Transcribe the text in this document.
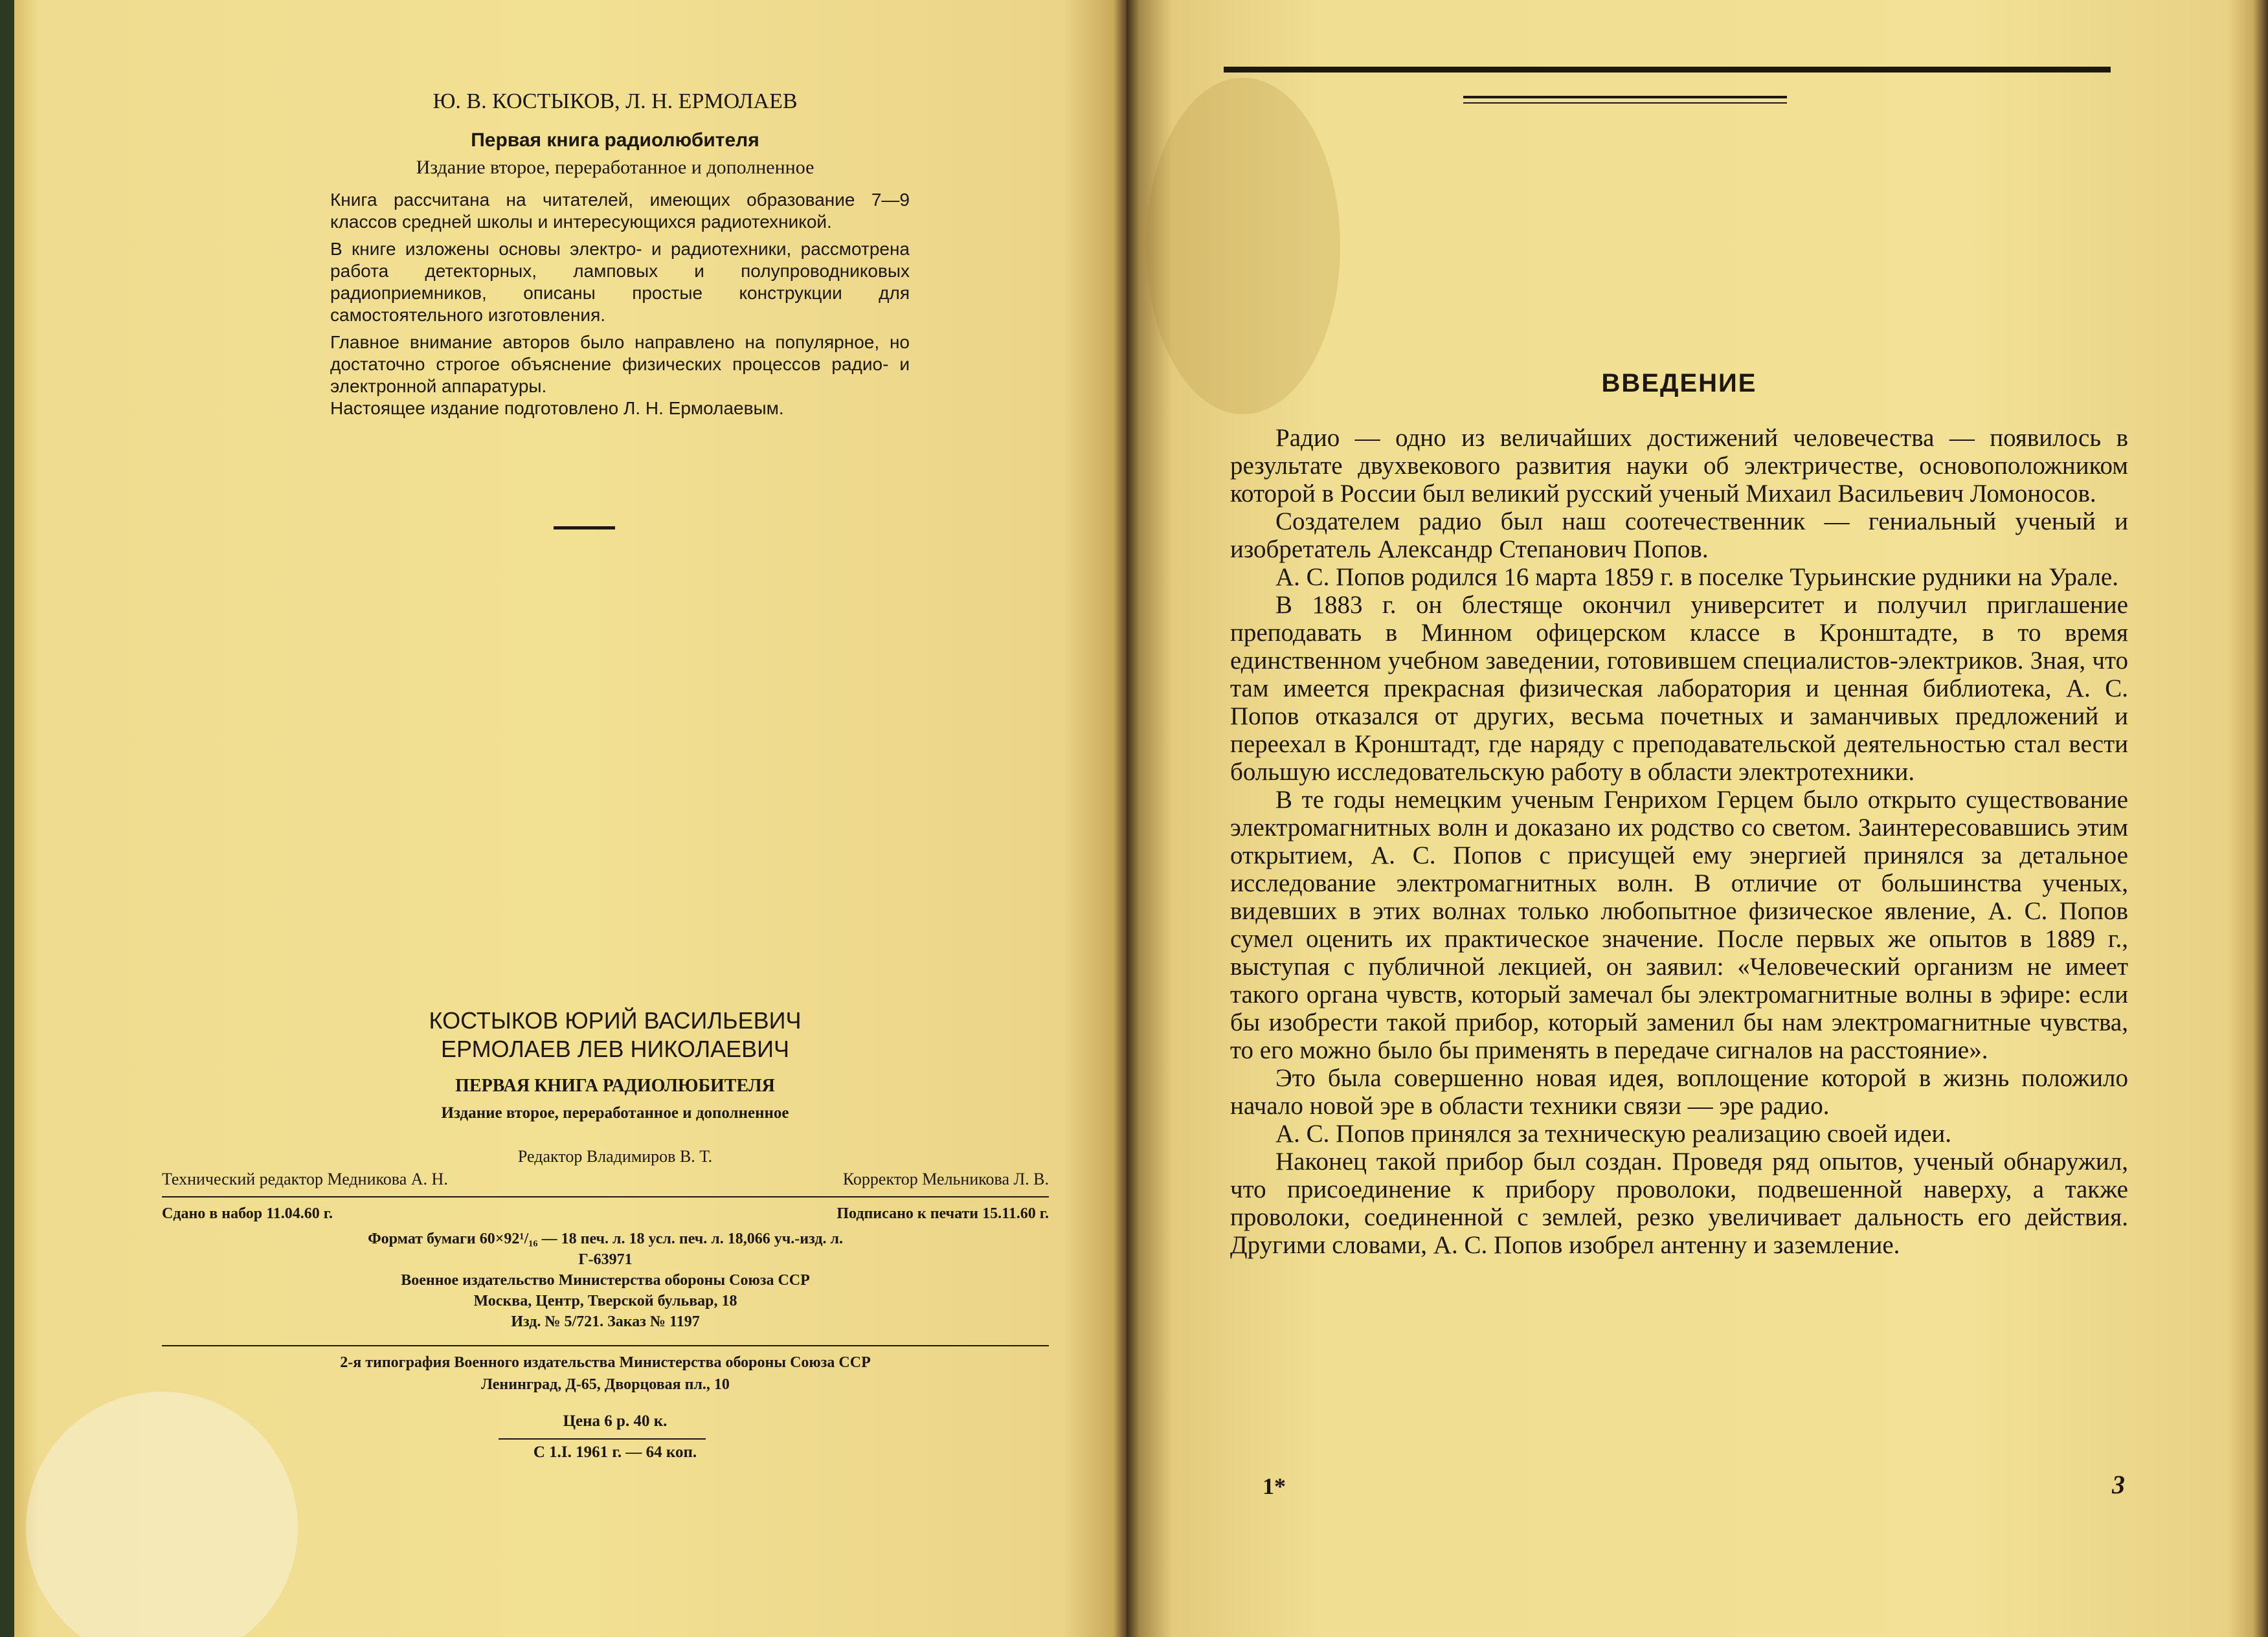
Ю. В. КОСТЫКОВ, Л. Н. ЕРМОЛАЕВ
Первая книга радиолюбителя
Издание второе, переработанное и дополненное

Книга рассчитана на читателей, имеющих образование 7—9 классов средней школы и интересующихся радиотехникой.

В книге изложены основы электро- и радиотехники, рассмотрена работа детекторных, ламповых и полупроводниковых радиоприемников, описаны простые конструкции для самостоятельного изготовления.

Главное внимание авторов было направлено на популярное, но достаточно строгое объяснение физических процессов радио- и электронной аппаратуры.

Настоящее издание подготовлено Л. Н. Ермолаевым.

КОСТЫКОВ ЮРИЙ ВАСИЛЬЕВИЧ
ЕРМОЛАЕВ ЛЕВ НИКОЛАЕВИЧ
ПЕРВАЯ КНИГА РАДИОЛЮБИТЕЛЯ
Издание второе, переработанное и дополненное
Редактор Владимиров В. Т.
Технический редактор Медникова А. Н.	Корректор Мельникова Л. В.
Сдано в набор 11.04.60 г.	Подписано к печати 15.11.60 г.
Формат бумаги 60×92¹/₁₆ — 18 печ. л. 18 усл. печ. л. 18,066 уч.-изд. л.
Г-63971
Военное издательство Министерства обороны Союза ССР
Москва, Центр, Тверской бульвар, 18
Изд. № 5/721. Заказ № 1197
2-я типография Военного издательства Министерства обороны Союза ССР
Ленинград, Д-65, Дворцовая пл., 10
Цена 6 р. 40 к.
С 1.I. 1961 г. — 64 коп.
ВВЕДЕНИЕ

Радио — одно из величайших достижений человечества — появилось в результате двухвекового развития науки об электричестве, основоположником которой в России был великий русский ученый Михаил Васильевич Ломоносов.

Создателем радио был наш соотечественник — гениальный ученый и изобретатель Александр Степанович Попов.

А. С. Попов родился 16 марта 1859 г. в поселке Турьинские рудники на Урале.

В 1883 г. он блестяще окончил университет и получил приглашение преподавать в Минном офицерском классе в Кронштадте, в то время единственном учебном заведении, готовившем специалистов-электриков. Зная, что там имеется прекрасная физическая лаборатория и ценная библиотека, А. С. Попов отказался от других, весьма почетных и заманчивых предложений и переехал в Кронштадт, где наряду с преподавательской деятельностью стал вести большую исследовательскую работу в области электротехники.

В те годы немецким ученым Генрихом Герцем было открыто существование электромагнитных волн и доказано их родство со светом. Заинтересовавшись этим открытием, А. С. Попов с присущей ему энергией принялся за детальное исследование электромагнитных волн. В отличие от большинства ученых, видевших в этих волнах только любопытное физическое явление, А. С. Попов сумел оценить их практическое значение. После первых же опытов в 1889 г., выступая с публичной лекцией, он заявил: «Человеческий организм не имеет такого органа чувств, который замечал бы электромагнитные волны в эфире: если бы изобрести такой прибор, который заменил бы нам электромагнитные чувства, то его можно было бы применять в передаче сигналов на расстояние».

Это была совершенно новая идея, воплощение которой в жизнь положило начало новой эре в области техники связи — эре радио.

А. С. Попов принялся за техническую реализацию своей идеи.

Наконец такой прибор был создан. Проведя ряд опытов, ученый обнаружил, что присоединение к прибору проволоки, подвешенной наверху, а также проволоки, соединенной с землей, резко увеличивает дальность его действия. Другими словами, А. С. Попов изобрел антенну и заземление.

1*	3
